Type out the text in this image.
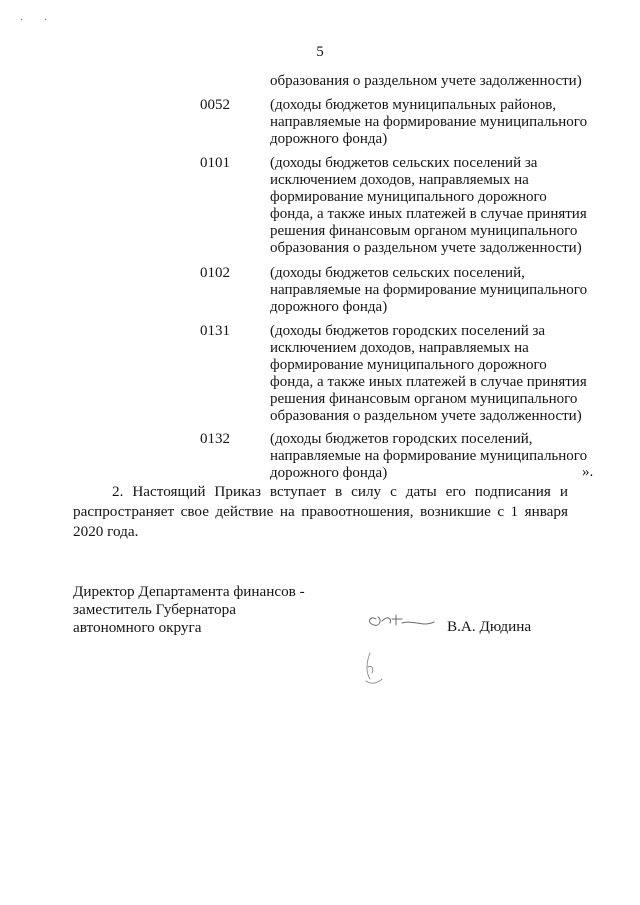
· ·
5
образования о раздельном учете задолженности)
0052	(доходы бюджетов муниципальных районов,
направляемые на формирование муниципального
дорожного фонда)
0101	(доходы бюджетов сельских поселений за
исключением доходов, направляемых на
формирование муниципального дорожного
фонда, а также иных платежей в случае принятия
решения финансовым органом муниципального
образования о раздельном учете задолженности)
0102	(доходы бюджетов сельских поселений,
направляемые на формирование муниципального
дорожного фонда)
0131	(доходы бюджетов городских поселений за
исключением доходов, направляемых на
формирование муниципального дорожного
фонда, а также иных платежей в случае принятия
решения финансовым органом муниципального
образования о раздельном учете задолженности)
0132	(доходы бюджетов городских поселений,
направляемые на формирование муниципального
дорожного фонда)	».
2. Настоящий Приказ вступает в силу с даты его подписания и
распространяет свое действие на правоотношения, возникшие с 1 января
2020 года.
Директор Департамента финансов -
заместитель Губернатора
автономного округа	В.А. Дюдина
